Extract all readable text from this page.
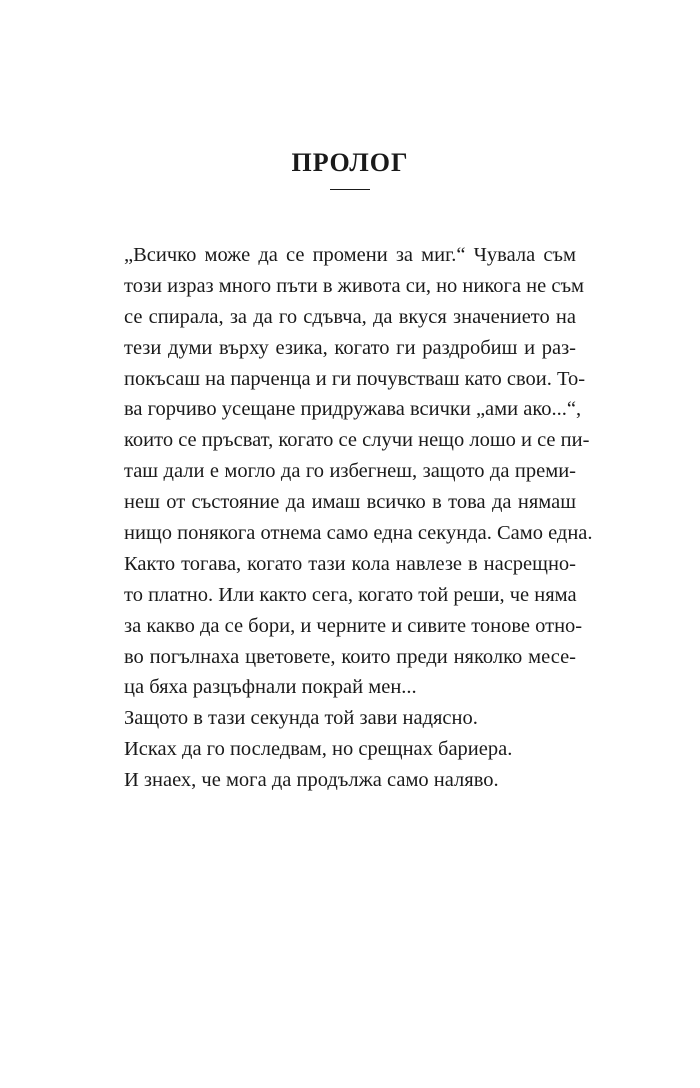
ПРОЛОГ
„Всичко може да се промени за миг.“ Чувала съм
този израз много пъти в живота си, но никога не съм
се спирала, за да го сдъвча, да вкуся значението на
тези думи върху езика, когато ги раздробиш и раз-
покъсаш на парченца и ги почувстваш като свои. То-
ва горчиво усещане придружава всички „ами ако...“,
които се пръсват, когато се случи нещо лошо и се пи-
таш дали е могло да го избегнеш, защото да преми-
неш от състояние да имаш всичко в това да нямаш
нищо понякога отнема само една секунда. Само една.
Както тогава, когато тази кола навлезе в насрещно-
то платно. Или както сега, когато той реши, че няма
за какво да се бори, и черните и сивите тонове отно-
во погълнаха цветовете, които преди няколко месе-
ца бяха разцъфнали покрай мен...
Защото в тази секунда той зави надясно.
Исках да го последвам, но срещнах бариера.
И знаех, че мога да продължа само наляво.
